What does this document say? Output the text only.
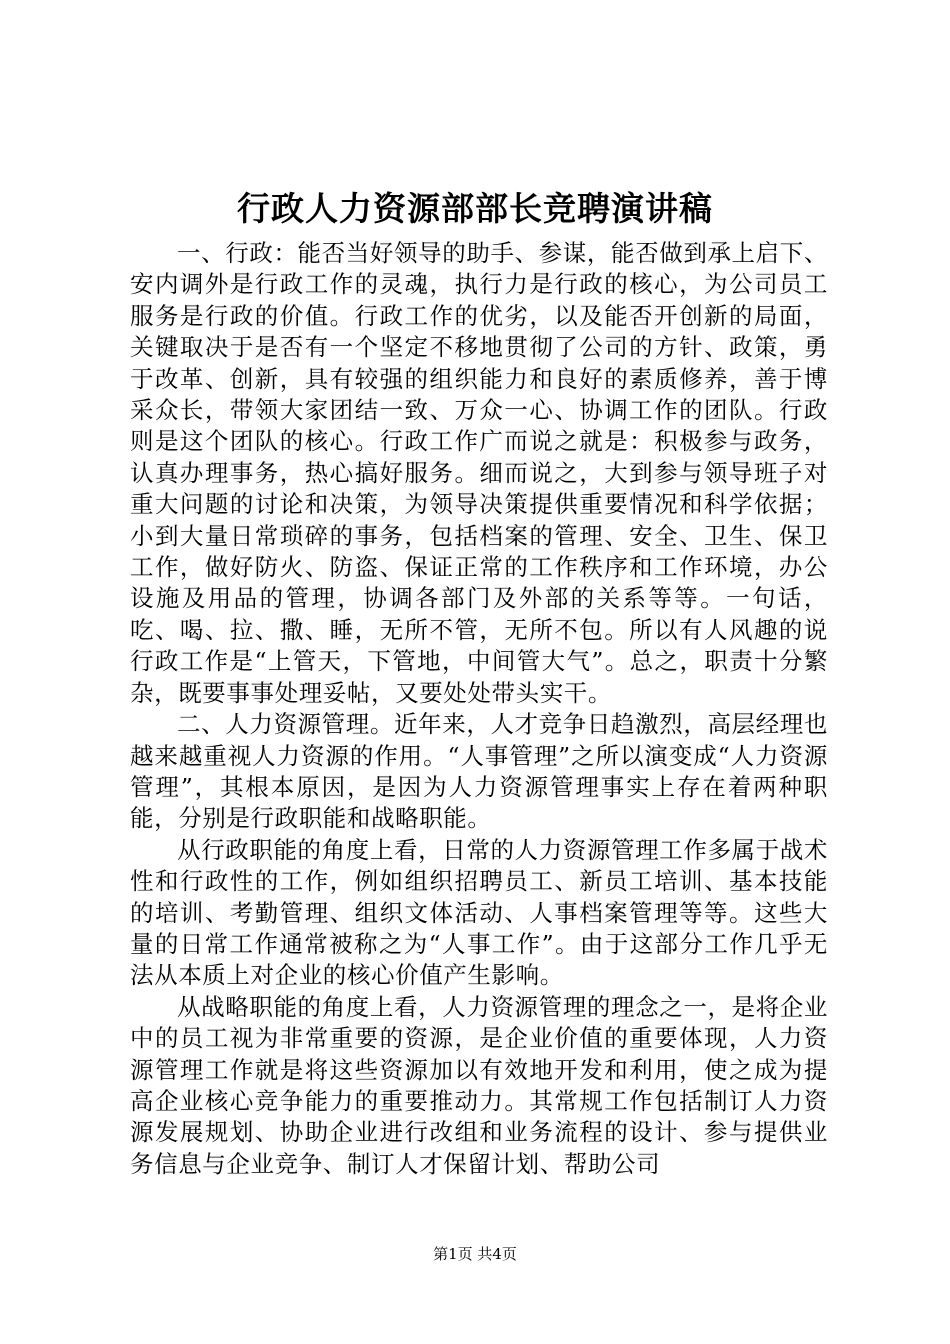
行政人力资源部部长竞聘演讲稿

一、行政：能否当好领导的助手、参谋，能否做到承上启下、安内调外是行政工作的灵魂，执行力是行政的核心，为公司员工服务是行政的价值。行政工作的优劣，以及能否开创新的局面，关键取决于是否有一个坚定不移地贯彻了公司的方针、政策，勇于改革、创新，具有较强的组织能力和良好的素质修养，善于博采众长，带领大家团结一致、万众一心、协调工作的团队。行政则是这个团队的核心。行政工作广而说之就是：积极参与政务，认真办理事务，热心搞好服务。细而说之，大到参与领导班子对重大问题的讨论和决策，为领导决策提供重要情况和科学依据；小到大量日常琐碎的事务，包括档案的管理、安全、卫生、保卫工作，做好防火、防盗、保证正常的工作秩序和工作环境，办公设施及用品的管理，协调各部门及外部的关系等等。一句话，吃、喝、拉、撒、睡，无所不管，无所不包。所以有人风趣的说行政工作是“上管天，下管地，中间管大气”。总之，职责十分繁杂，既要事事处理妥帖，又要处处带头实干。

二、人力资源管理。近年来，人才竞争日趋激烈，高层经理也越来越重视人力资源的作用。“人事管理”之所以演变成“人力资源管理”，其根本原因，是因为人力资源管理事实上存在着两种职能，分别是行政职能和战略职能。

从行政职能的角度上看，日常的人力资源管理工作多属于战术性和行政性的工作，例如组织招聘员工、新员工培训、基本技能的培训、考勤管理、组织文体活动、人事档案管理等等。这些大量的日常工作通常被称之为“人事工作”。由于这部分工作几乎无法从本质上对企业的核心价值产生影响。

从战略职能的角度上看，人力资源管理的理念之一，是将企业中的员工视为非常重要的资源，是企业价值的重要体现，人力资源管理工作就是将这些资源加以有效地开发和利用，使之成为提高企业核心竞争能力的重要推动力。其常规工作包括制订人力资源发展规划、协助企业进行改组和业务流程的设计、参与提供业务信息与企业竞争、制订人才保留计划、帮助公司

第1页 共4页
